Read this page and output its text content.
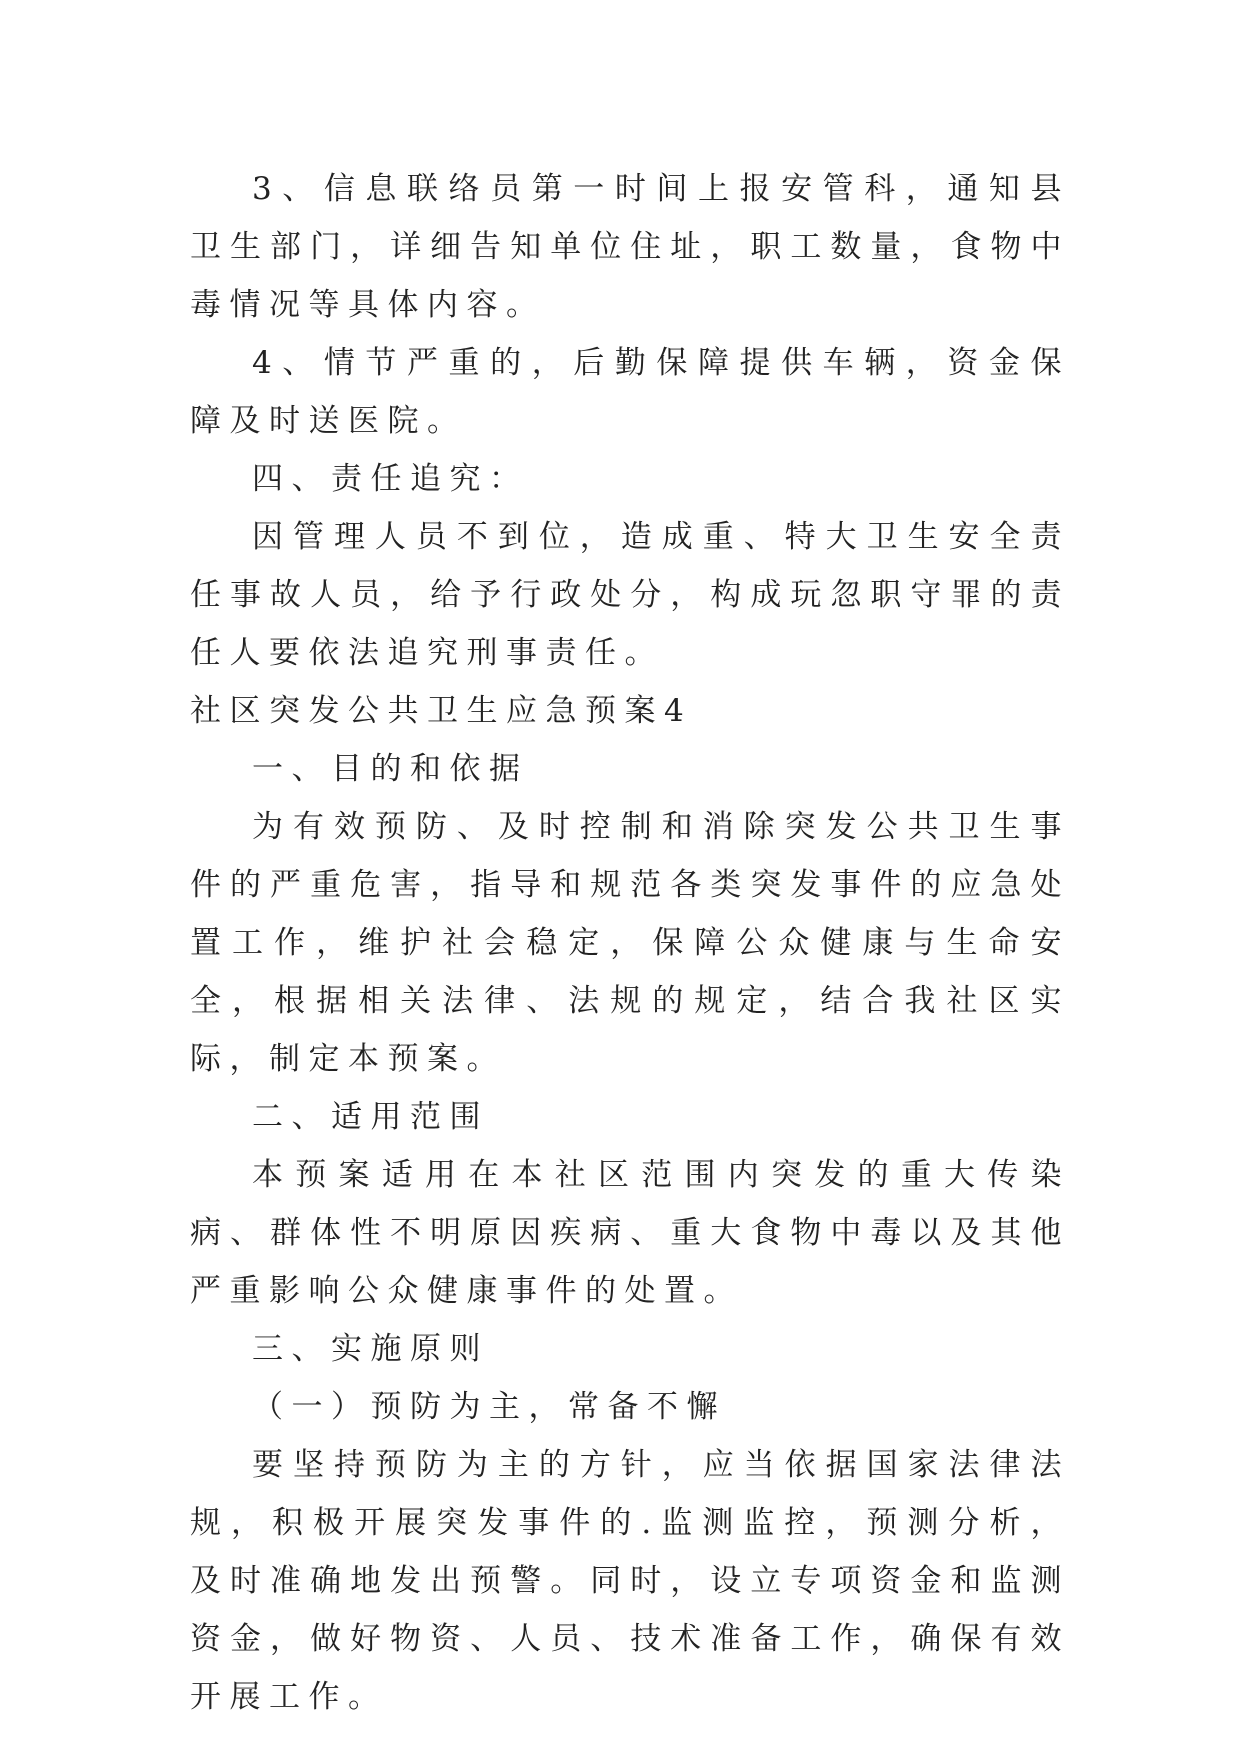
3、信息联络员第一时间上报安管科，通知县卫生部门，详细告知单位住址，职工数量，食物中毒情况等具体内容。

4、情节严重的，后勤保障提供车辆，资金保障及时送医院。

四、责任追究：

因管理人员不到位，造成重、特大卫生安全责任事故人员，给予行政处分，构成玩忽职守罪的责任人要依法追究刑事责任。

社区突发公共卫生应急预案4

一、目的和依据

为有效预防、及时控制和消除突发公共卫生事件的严重危害，指导和规范各类突发事件的应急处置工作，维护社会稳定，保障公众健康与生命安全，根据相关法律、法规的规定，结合我社区实际，制定本预案。

二、适用范围

本预案适用在本社区范围内突发的重大传染病、群体性不明原因疾病、重大食物中毒以及其他严重影响公众健康事件的处置。

三、实施原则

（一）预防为主，常备不懈

要坚持预防为主的方针，应当依据国家法律法规，积极开展突发事件的.监测监控，预测分析，及时准确地发出预警。同时，设立专项资金和监测资金，做好物资、人员、技术准备工作，确保有效开展工作。
